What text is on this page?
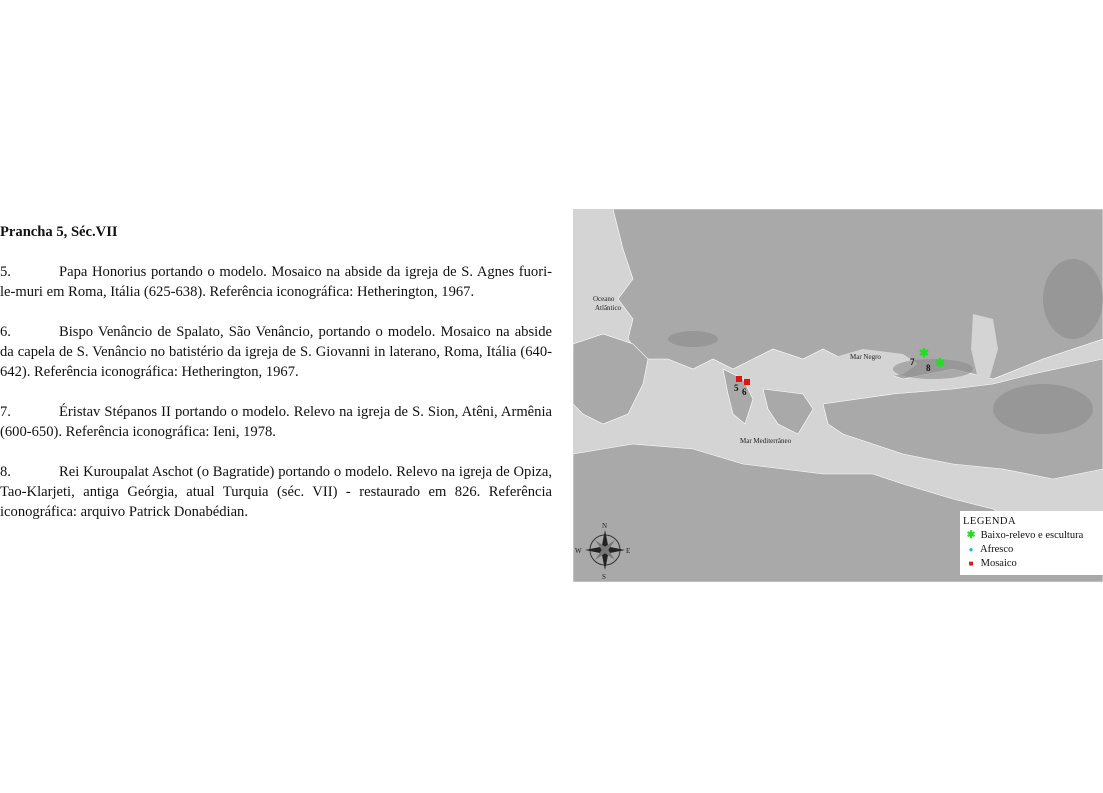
Prancha 5, Séc.VII

5.	Papa Honorius portando o modelo. Mosaico na abside da igreja de S. Agnes fuori-le-muri em Roma, Itália (625-638). Referência iconográfica: Hetherington, 1967.

6.	Bispo Venâncio de Spalato, São Venâncio, portando o modelo. Mosaico na abside da capela de S. Venâncio no batistério da igreja de S. Giovanni in laterano, Roma, Itália (640-642). Referência iconográfica: Hetherington, 1967.

7.	Éristav Stépanos II portando o modelo. Relevo na igreja de S. Sion, Atêni, Armênia (600-650). Referência iconográfica: Ieni, 1978.

8.	Rei Kuroupalat Aschot (o Bagratide) portando o modelo. Relevo na igreja de Opiza, Tao-Klarjeti, antiga Geórgia, atual Turquia (séc. VII) - restaurado em 826. Referência iconográfica: arquivo Patrick Donabédian.

Oceano
Atlântico
Mar Negro
Mar Mediterrâneo
5 6
✱
✱
7
8
N
S
E
W
LEGENDA
✱ Baixo-relevo e escultura
● Afresco
■ Mosaico
